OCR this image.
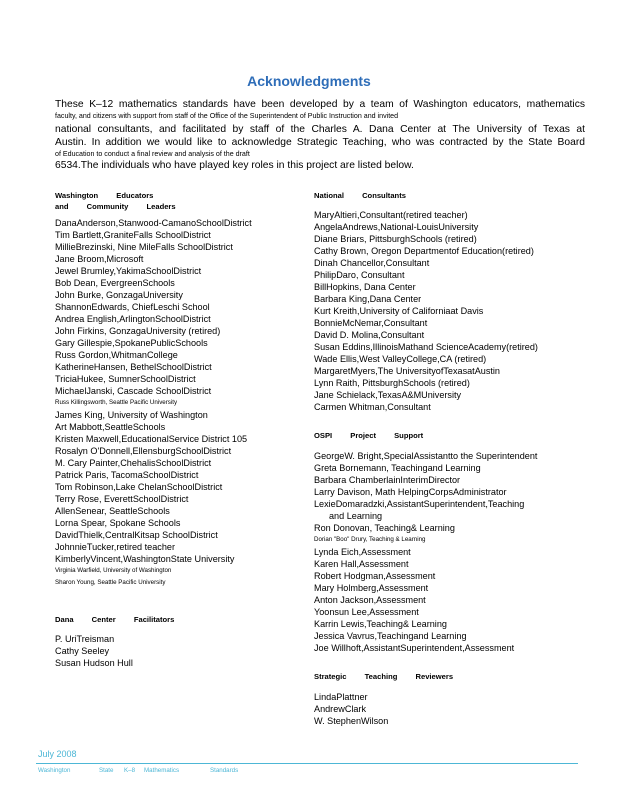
Acknowledgments
These K–12 mathematics standards have been developed by a team of Washington educators, mathematics
faculty, and citizens with support from staff of the Office of the Superintendent of Public Instruction and invited
national consultants, and facilitated by staff of the Charles A. Dana Center at The University of Texas at
Austin. In addition we would like to acknowledge Strategic Teaching, who was contracted by the State Board
of Education to conduct a final review and analysis of the draft
6534.The individuals who have played key roles in this project are listed below.
Washington Educators
and Community Leaders
DanaAnderson,Stanwood-CamanoSchoolDistrict
Tim Bartlett,GraniteFalls SchoolDistrict
MillieBrezinski, Nine MileFalls SchoolDistrict
Jane Broom,Microsoft
Jewel Brumley,YakimaSchoolDistrict
Bob Dean, EvergreenSchools
John Burke, GonzagaUniversity
ShannonEdwards, ChiefLeschi School
Andrea English,ArlingtonSchoolDistrict
John Firkins, GonzagaUniversity (retired)
Gary Gillespie,SpokanePublicSchools
Russ Gordon,WhitmanCollege
KatherineHansen, BethelSchoolDistrict
TriciaHukee, SumnerSchoolDistrict
MichaelJanski, Cascade SchoolDistrict
Russ Killingsworth, Seattle Pacific University
James King, University of Washington
Art Mabbott,SeattleSchools
Kristen Maxwell,EducationalService District 105
Rosalyn O'Donnell,EllensburgSchoolDistrict
M. Cary Painter,ChehalisSchoolDistrict
Patrick Paris, TacomaSchoolDistrict
Tom Robinson,Lake ChelanSchoolDistrict
Terry Rose, EverettSchoolDistrict
AllenSenear, SeattleSchools
Lorna Spear, Spokane Schools
DavidThielk,CentralKitsap SchoolDistrict
JohnnieTucker,retired teacher
KimberlyVincent,WashingtonState University
Virginia Warfield, University of Washington
Sharon Young, Seattle Pacific University
Dana Center Facilitators
P. UriTreisman
Cathy Seeley
Susan Hudson Hull
National Consultants
MaryAltieri,Consultant(retired teacher)
AngelaAndrews,National-LouisUniversity
Diane Briars, PittsburghSchools (retired)
Cathy Brown, Oregon Departmentof Education(retired)
Dinah Chancellor,Consultant
PhilipDaro, Consultant
BillHopkins, Dana Center
Barbara King,Dana Center
Kurt Kreith,University of Californiaat Davis
BonnieMcNemar,Consultant
David D. Molina,Consultant
Susan Eddins,IllinoisMathand ScienceAcademy(retired)
Wade Ellis,West ValleyCollege,CA (retired)
MargaretMyers,The UniversityofTexasatAustin
Lynn Raith, PittsburghSchools (retired)
Jane Schielack,TexasA&MUniversity
Carmen Whitman,Consultant
OSPI Project Support
GeorgeW. Bright,SpecialAssistantto the Superintendent
Greta Bornemann, Teachingand Learning
Barbara ChamberlainInterimDirector
Larry Davison, Math HelpingCorpsAdministrator
LexieDomaradzki,AssistantSuperintendent,Teaching
and Learning
Ron Donovan, Teaching& Learning
Dorian "Boo" Drury, Teaching & Learning
Lynda Eich,Assessment
Karen Hall,Assessment
Robert Hodgman,Assessment
Mary Holmberg,Assessment
Anton Jackson,Assessment
Yoonsun Lee,Assessment
Karrin Lewis,Teaching& Learning
Jessica Vavrus,Teachingand Learning
Joe Willhoft,AssistantSuperintendent,Assessment
Strategic Teaching Reviewers
LindaPlattner
AndrewClark
W. StephenWilson
July 2008
Washington	State K–8 Mathematics	Standards
